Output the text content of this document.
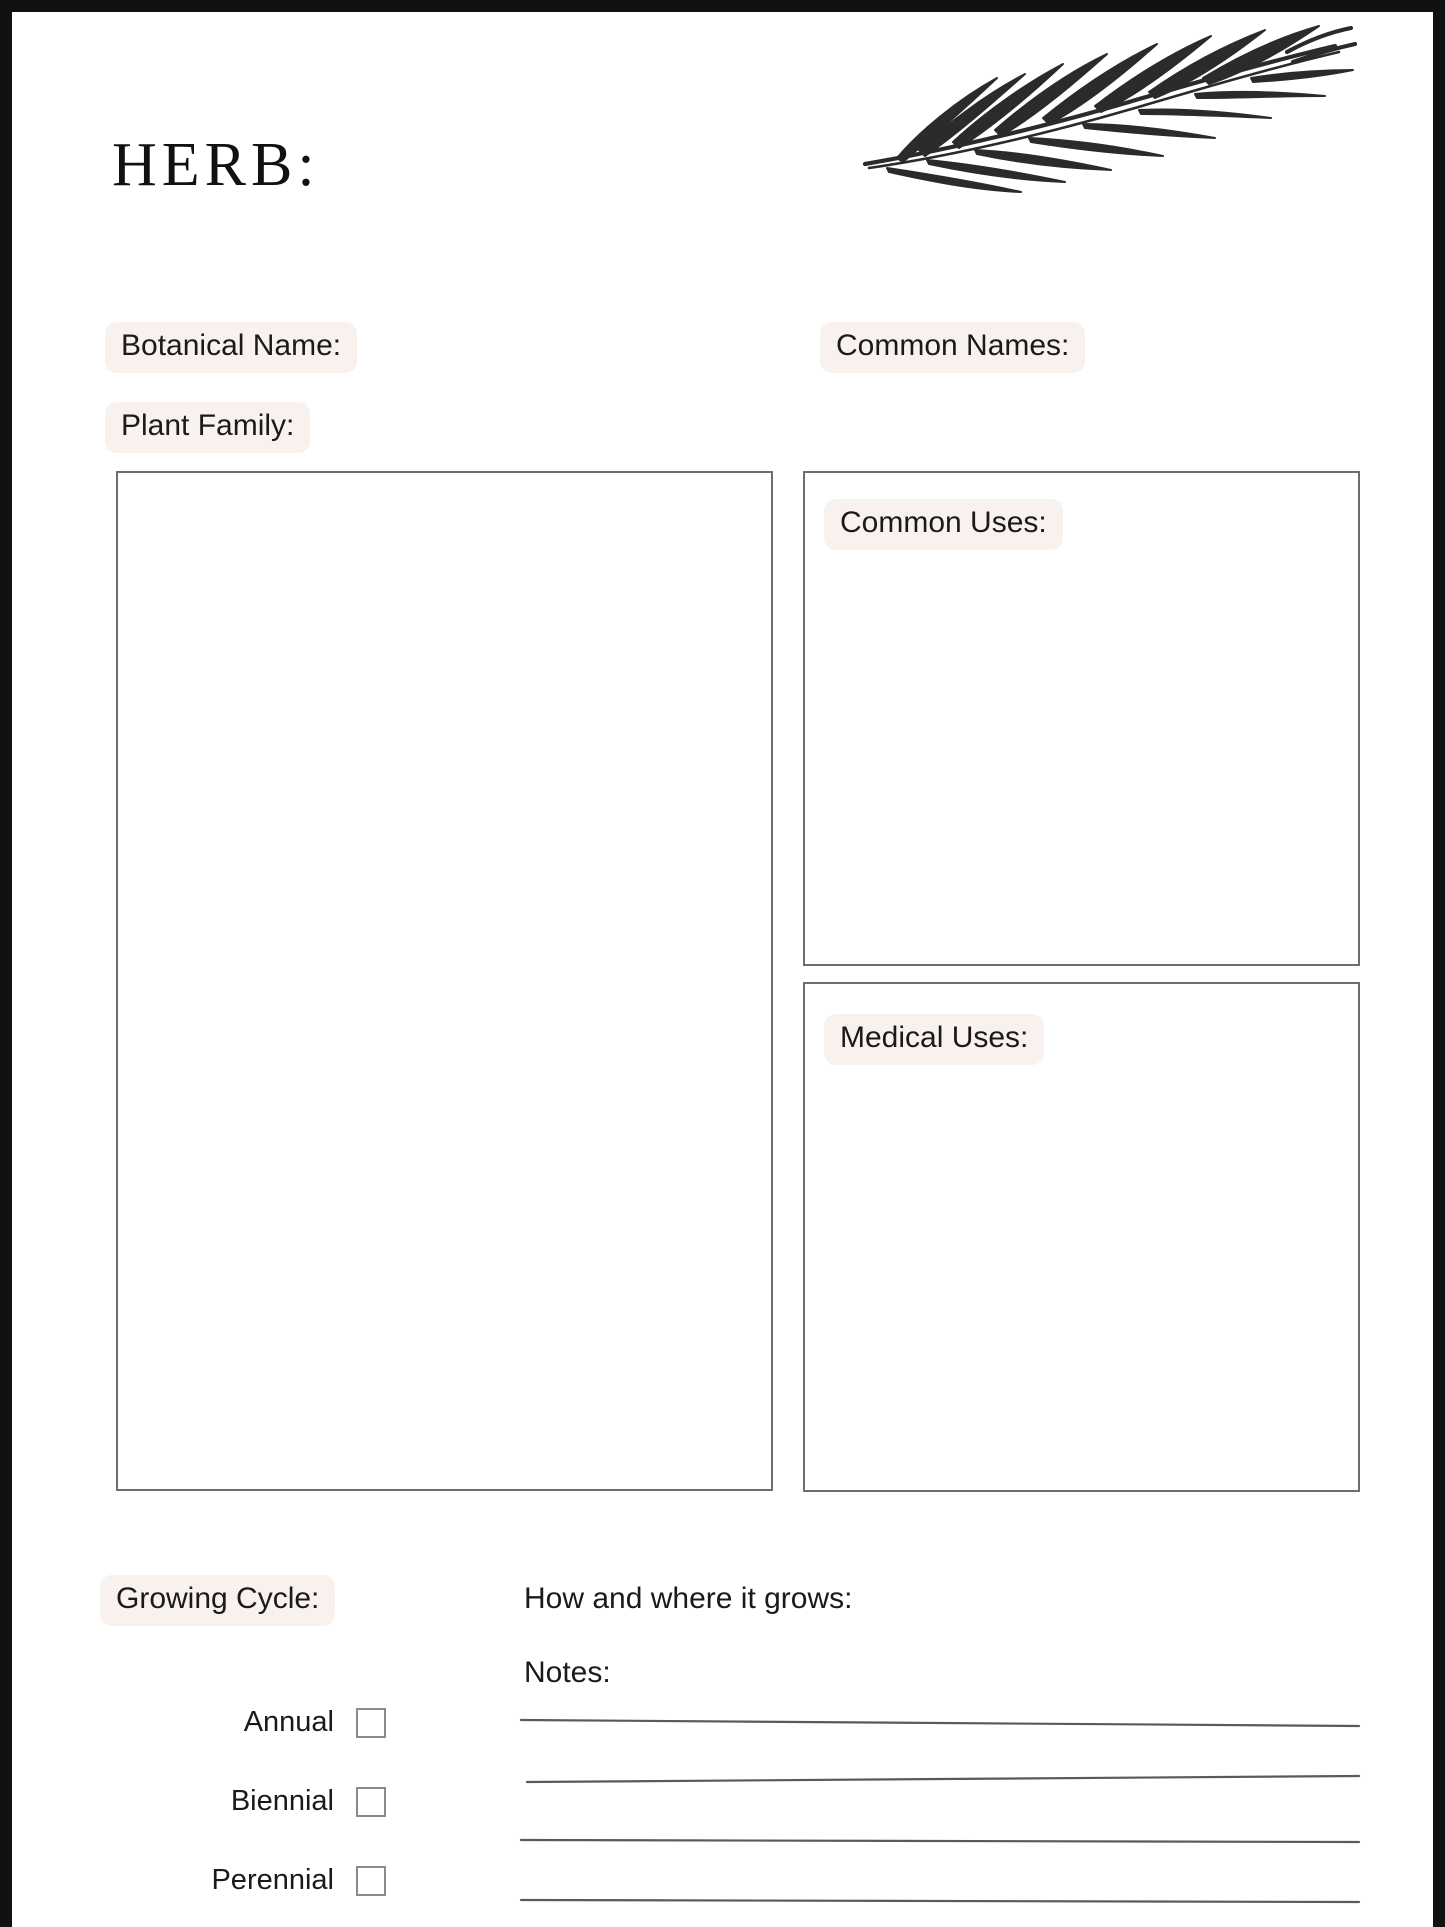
HERB:
Botanical Name:	Common Names:
Plant Family:
Common Uses:
Medical Uses:
Growing Cycle:
Annual
Biennial
Perennial
How and where it grows:
Notes:
